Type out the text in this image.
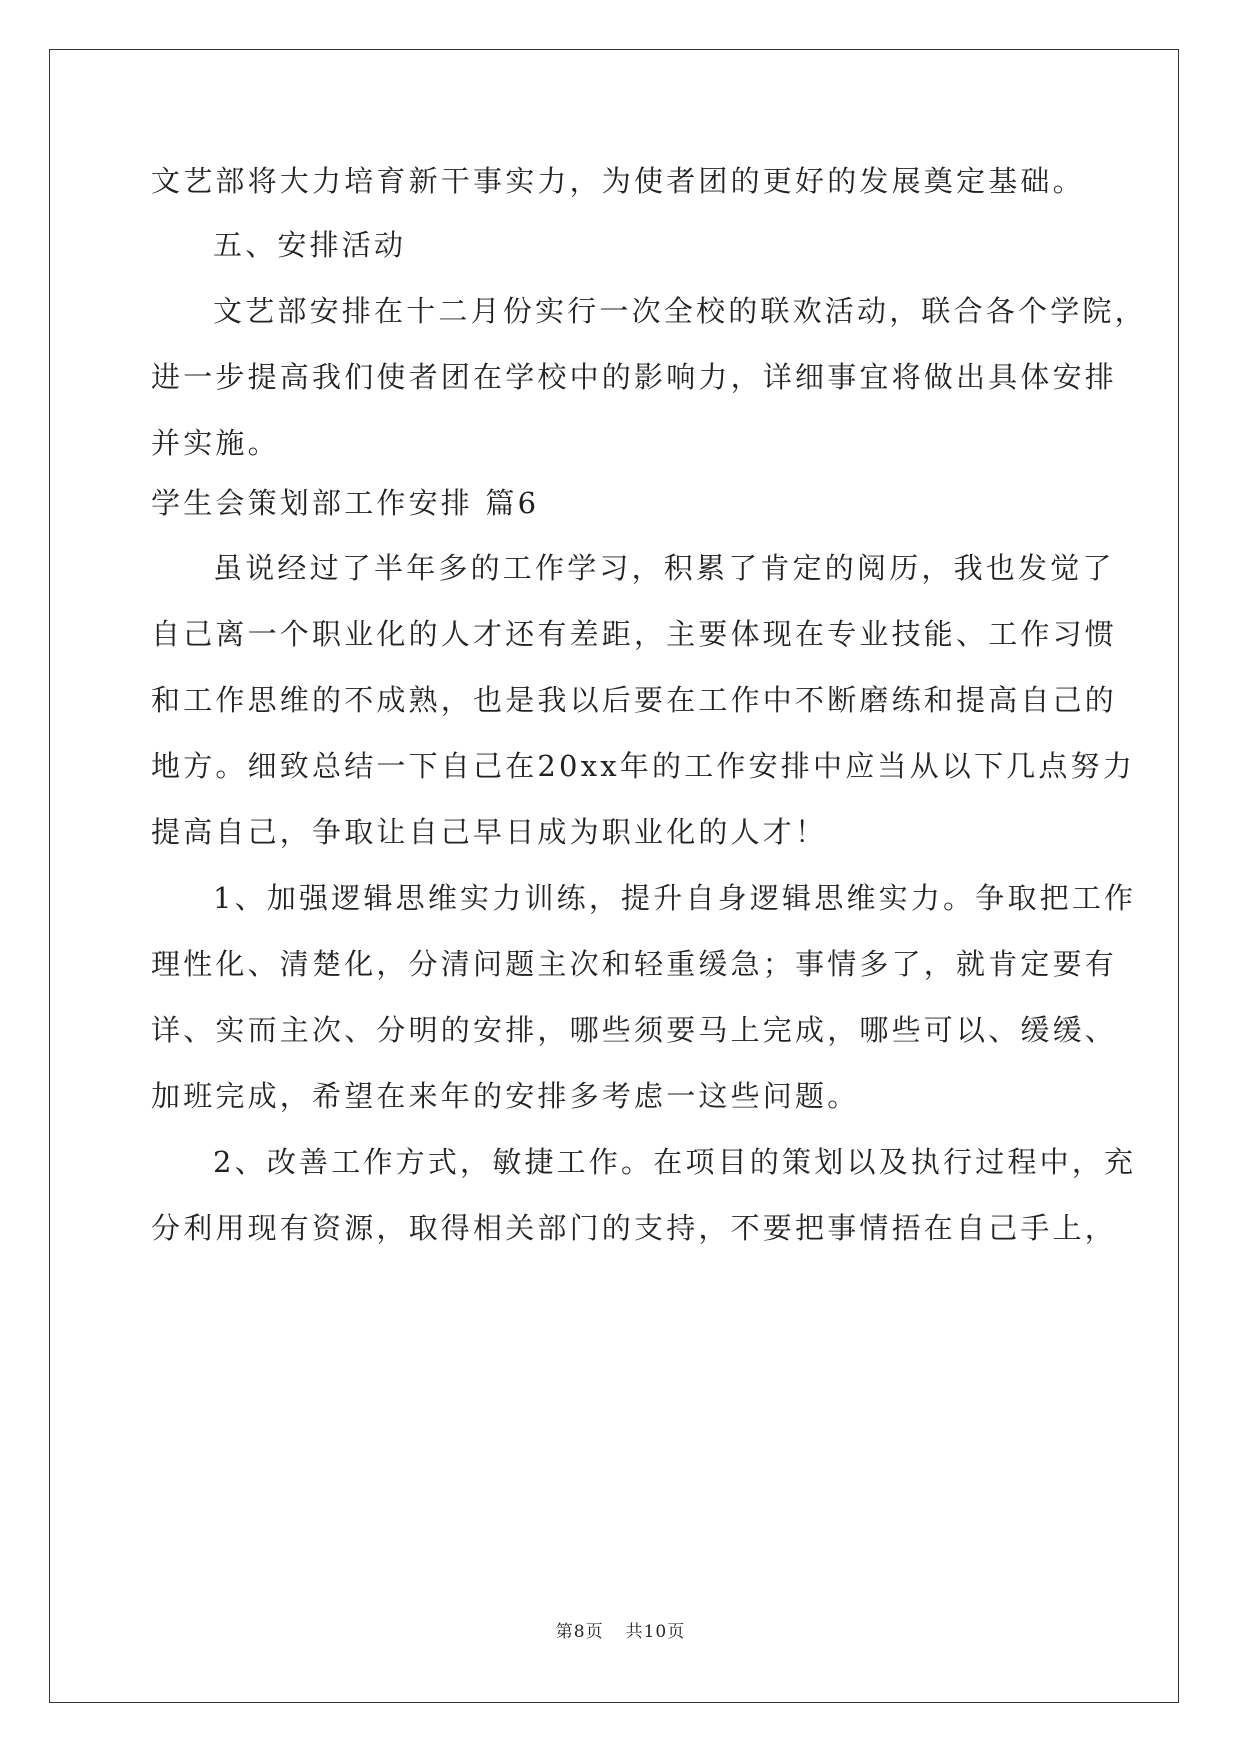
文艺部将大力培育新干事实力，为使者团的更好的发展奠定基础。
五、安排活动
文艺部安排在十二月份实行一次全校的联欢活动，联合各个学院，
进一步提高我们使者团在学校中的影响力，详细事宜将做出具体安排
并实施。
学生会策划部工作安排 篇6
虽说经过了半年多的工作学习，积累了肯定的阅历，我也发觉了
自己离一个职业化的人才还有差距，主要体现在专业技能、工作习惯
和工作思维的不成熟，也是我以后要在工作中不断磨练和提高自己的
地方。细致总结一下自己在20xx年的工作安排中应当从以下几点努力
提高自己，争取让自己早日成为职业化的人才！
1、加强逻辑思维实力训练，提升自身逻辑思维实力。争取把工作
理性化、清楚化，分清问题主次和轻重缓急；事情多了，就肯定要有
详、实而主次、分明的安排，哪些须要马上完成，哪些可以、缓缓、
加班完成，希望在来年的安排多考虑一这些问题。
2、改善工作方式，敏捷工作。在项目的策划以及执行过程中，充
分利用现有资源，取得相关部门的支持，不要把事情捂在自己手上，
第8页 共10页
